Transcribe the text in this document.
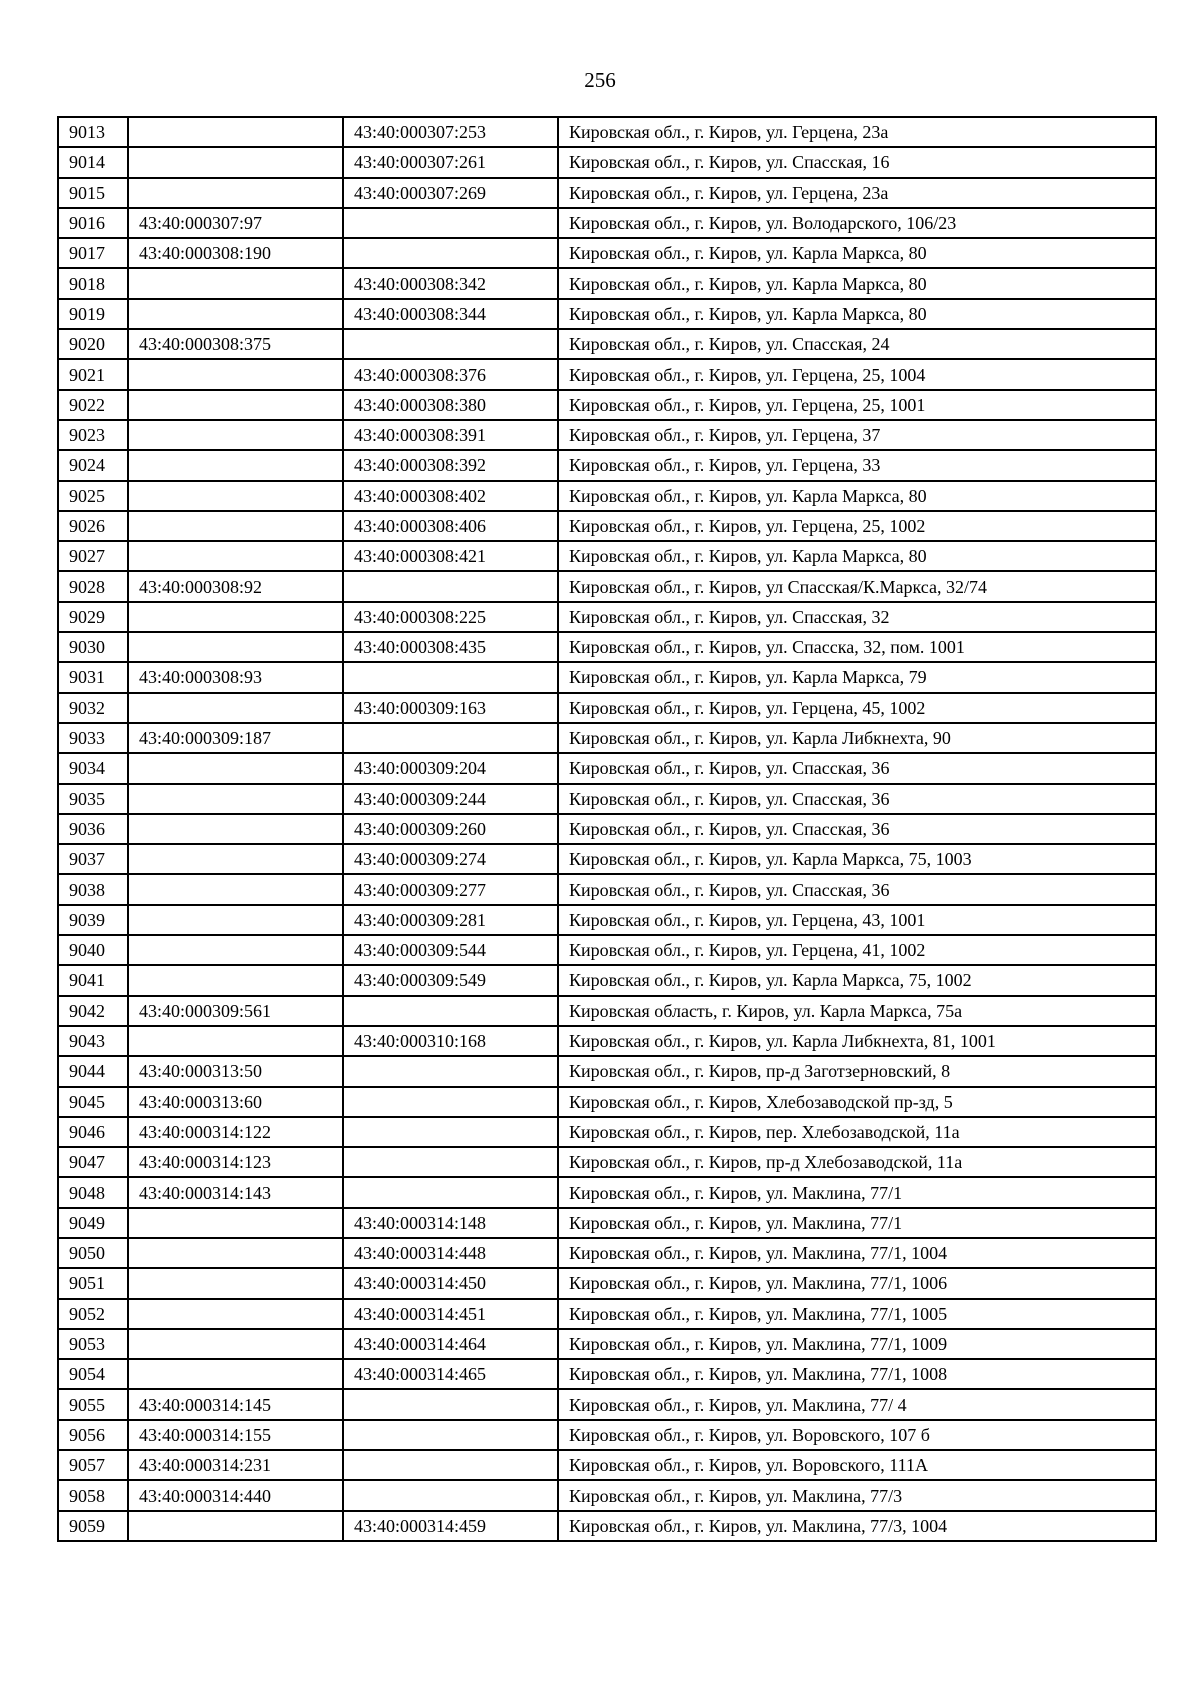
256
9013		43:40:000307:253	Кировская обл., г. Киров, ул. Герцена, 23а
9014		43:40:000307:261	Кировская обл., г. Киров, ул. Спасская, 16
9015		43:40:000307:269	Кировская обл., г. Киров, ул. Герцена, 23а
9016	43:40:000307:97		Кировская обл., г. Киров, ул. Володарского, 106/23
9017	43:40:000308:190		Кировская обл., г. Киров, ул. Карла Маркса, 80
9018		43:40:000308:342	Кировская обл., г. Киров, ул. Карла Маркса, 80
9019		43:40:000308:344	Кировская обл., г. Киров, ул. Карла Маркса, 80
9020	43:40:000308:375		Кировская обл., г. Киров, ул. Спасская, 24
9021		43:40:000308:376	Кировская обл., г. Киров, ул. Герцена, 25, 1004
9022		43:40:000308:380	Кировская обл., г. Киров, ул. Герцена, 25, 1001
9023		43:40:000308:391	Кировская обл., г. Киров, ул. Герцена, 37
9024		43:40:000308:392	Кировская обл., г. Киров, ул. Герцена, 33
9025		43:40:000308:402	Кировская обл., г. Киров, ул. Карла Маркса, 80
9026		43:40:000308:406	Кировская обл., г. Киров, ул. Герцена, 25, 1002
9027		43:40:000308:421	Кировская обл., г. Киров, ул. Карла Маркса, 80
9028	43:40:000308:92		Кировская обл., г. Киров, ул Спасская/К.Маркса, 32/74
9029		43:40:000308:225	Кировская обл., г. Киров, ул. Спасская, 32
9030		43:40:000308:435	Кировская обл., г. Киров, ул. Спасска, 32, пом. 1001
9031	43:40:000308:93		Кировская обл., г. Киров, ул. Карла Маркса, 79
9032		43:40:000309:163	Кировская обл., г. Киров, ул. Герцена, 45, 1002
9033	43:40:000309:187		Кировская обл., г. Киров, ул. Карла Либкнехта, 90
9034		43:40:000309:204	Кировская обл., г. Киров, ул. Спасская, 36
9035		43:40:000309:244	Кировская обл., г. Киров, ул. Спасская, 36
9036		43:40:000309:260	Кировская обл., г. Киров, ул. Спасская, 36
9037		43:40:000309:274	Кировская обл., г. Киров, ул. Карла Маркса, 75, 1003
9038		43:40:000309:277	Кировская обл., г. Киров, ул. Спасская, 36
9039		43:40:000309:281	Кировская обл., г. Киров, ул. Герцена, 43, 1001
9040		43:40:000309:544	Кировская обл., г. Киров, ул. Герцена, 41, 1002
9041		43:40:000309:549	Кировская обл., г. Киров, ул. Карла Маркса, 75, 1002
9042	43:40:000309:561		Кировская область, г. Киров, ул. Карла Маркса, 75а
9043		43:40:000310:168	Кировская обл., г. Киров, ул. Карла Либкнехта, 81, 1001
9044	43:40:000313:50		Кировская обл., г. Киров, пр-д Заготзерновский, 8
9045	43:40:000313:60		Кировская обл., г. Киров, Хлебозаводской пр-зд, 5
9046	43:40:000314:122		Кировская обл., г. Киров, пер. Хлебозаводской, 11а
9047	43:40:000314:123		Кировская обл., г. Киров, пр-д Хлебозаводской, 11а
9048	43:40:000314:143		Кировская обл., г. Киров, ул. Маклина, 77/1
9049		43:40:000314:148	Кировская обл., г. Киров, ул. Маклина, 77/1
9050		43:40:000314:448	Кировская обл., г. Киров, ул. Маклина, 77/1, 1004
9051		43:40:000314:450	Кировская обл., г. Киров, ул. Маклина, 77/1, 1006
9052		43:40:000314:451	Кировская обл., г. Киров, ул. Маклина, 77/1, 1005
9053		43:40:000314:464	Кировская обл., г. Киров, ул. Маклина, 77/1, 1009
9054		43:40:000314:465	Кировская обл., г. Киров, ул. Маклина, 77/1, 1008
9055	43:40:000314:145		Кировская обл., г. Киров, ул. Маклина, 77/ 4
9056	43:40:000314:155		Кировская обл., г. Киров, ул. Воровского, 107 б
9057	43:40:000314:231		Кировская обл., г. Киров, ул. Воровского, 111А
9058	43:40:000314:440		Кировская обл., г. Киров, ул. Маклина, 77/3
9059		43:40:000314:459	Кировская обл., г. Киров, ул. Маклина, 77/3, 1004
